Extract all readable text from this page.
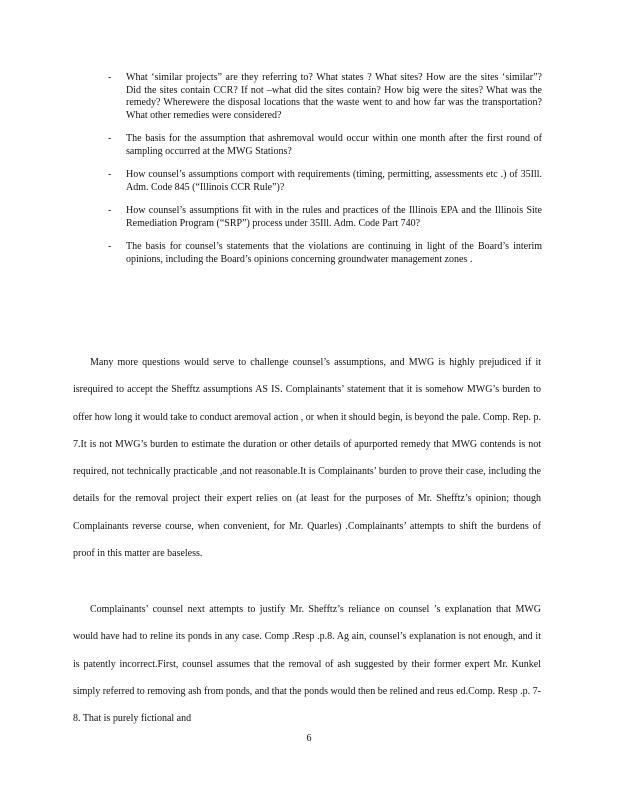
-	What ‘similar projects” are they referring to? What states ? What sites? How are the sites ‘similar”? Did the sites contain CCR? If not –what did the sites contain? How big were the sites? What was the remedy? Wherewere the disposal locations that the waste went to and how far was the transportation? What other remedies were considered?
-	The basis for the assumption that ashremoval would occur within one month after the first round of sampling occurred at the MWG Stations?
-	How counsel’s assumptions comport with requirements (timing, permitting, assessments etc .) of 35Ill. Adm. Code 845 (“Illinois CCR Rule”)?
-	How counsel’s assumptions fit with in the rules and practices of the Illinois EPA and the Illinois Site Remediation Program (“SRP”) process under 35Ill. Adm. Code Part 740?
-	The basis for counsel’s statements that the violations are continuing in light of the Board’s interim opinions, including the Board’s opinions concerning groundwater management zones .

Many more questions would serve to challenge counsel’s assumptions, and MWG is highly prejudiced if it isrequired to accept the Shefftz assumptions AS IS. Complainants’ statement that it is somehow MWG’s burden to offer how long it would take to conduct aremoval action , or when it should begin, is beyond the pale. Comp. Rep. p. 7.It is not MWG’s burden to estimate the duration or other details of apurported remedy that MWG contends is not required, not technically practicable ,and not reasonable.It is Complainants’ burden to prove their case, including the details for the removal project their expert relies on (at least for the purposes of Mr. Shefftz’s opinion; though Complainants reverse course, when convenient, for Mr. Quarles) .Complainants’ attempts to shift the burdens of proof in this matter are baseless.

Complainants’ counsel next attempts to justify Mr. Shefftz’s reliance on counsel ’s explanation that MWG would have had to reline its ponds in any case. Comp .Resp .p.8. Ag ain, counsel’s explanation is not enough, and it is patently incorrect.First, counsel assumes that the removal of ash suggested by their former expert Mr. Kunkel simply referred to removing ash from ponds, and that the ponds would then be relined and reus ed.Comp. Resp .p. 7-8. That is purely fictional and

6
